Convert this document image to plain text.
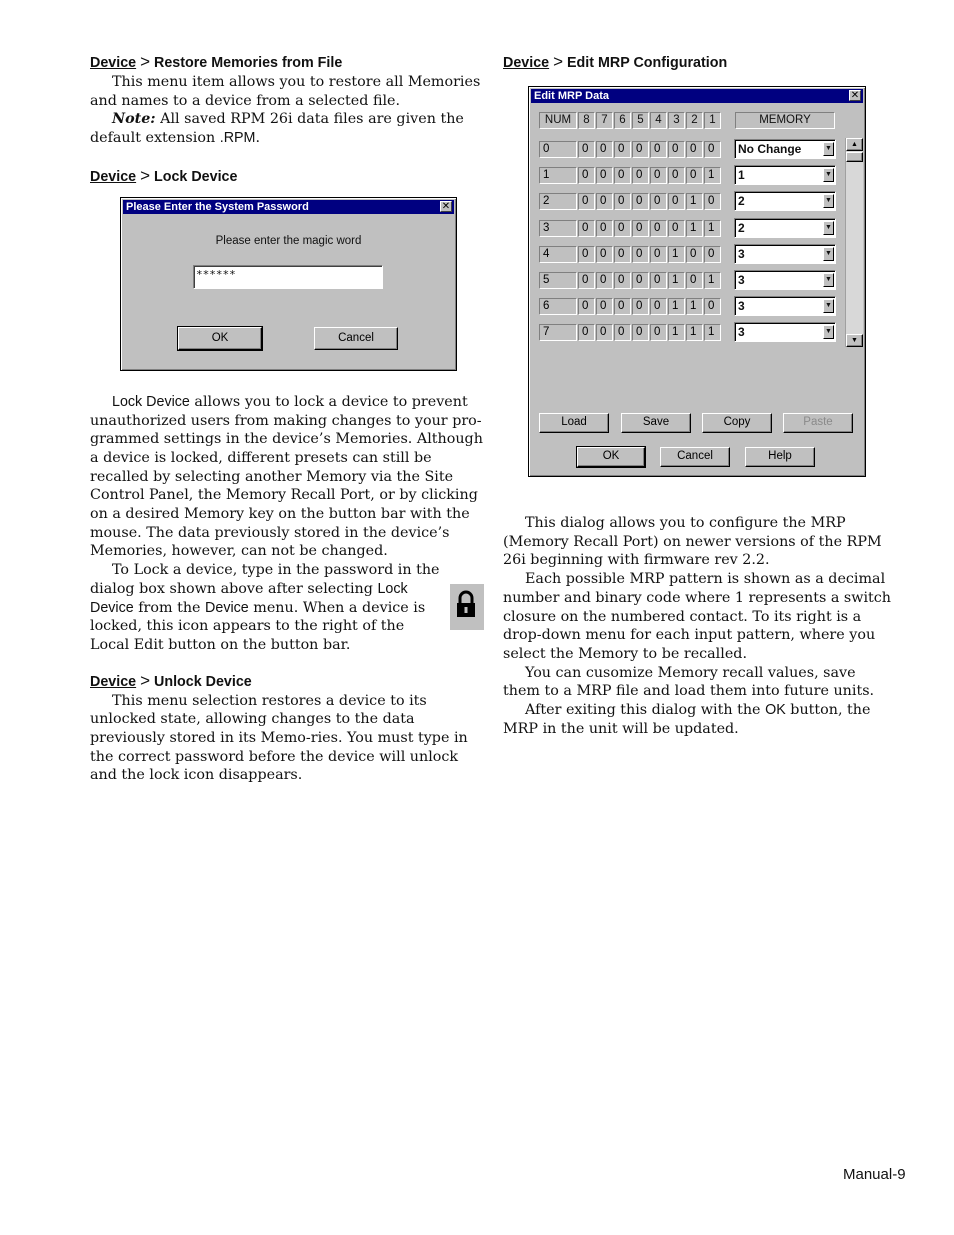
Device > Restore Memories from File

This menu item allows you to restore all Memories and names to a device from a selected file.

Note: All saved RPM 26i data files are given the default extension .RPM.

Device > Lock Device

Lock Device allows you to lock a device to prevent unauthorized users from making changes to your pro-grammed settings in the device’s Memories. Although a device is locked, different presets can still be recalled by selecting another Memory via the Site Control Panel, the Memory Recall Port, or by clicking on a desired Memory key on the button bar with the mouse. The data previously stored in the device’s Memories, however, can not be changed.

To Lock a device, type in the password in the dialog box shown above after selecting Lock Device from the Device menu. When a device is locked, this icon appears to the right of the Local Edit button on the button bar.

Device > Unlock Device

This menu selection restores a device to its unlocked state, allowing changes to the data previously stored in its Memo-ries. You must type in the correct password before the device will unlock and the lock icon disappears.

Please Enter the System Password	✕
Please enter the magic word
******
OK	Cancel
Device > Edit MRP Configuration

This dialog allows you to configure the MRP (Memory Recall Port) on newer versions of the RPM 26i beginning with firmware rev 2.2.

Each possible MRP pattern is shown as a decimal number and binary code where 1 represents a switch closure on the numbered contact. To its right is a drop-down menu for each input pattern, where you select the Memory to be recalled.

You can cusomize Memory recall values, save them to a MRP file and load them into future units.

After exiting this dialog with the OK button, the MRP in the unit will be updated.

Edit MRP Data	✕
NUM	8	7	6	5	4	3	2	1	MEMORY
0	0	0	0	0	0	0	0	0	No Change	▼
1	0	0	0	0	0	0	0	1	1	▼
2	0	0	0	0	0	0	1	0	2	▼
3	0	0	0	0	0	0	1	1	2	▼
4	0	0	0	0	0	1	0	0	3	▼
5	0	0	0	0	0	1	0	1	3	▼
6	0	0	0	0	0	1	1	0	3	▼
7	0	0	0	0	0	1	1	1	3	▼
▲
▼
Load	Save	Copy	Paste
OK	Cancel	Help
Manual-9
